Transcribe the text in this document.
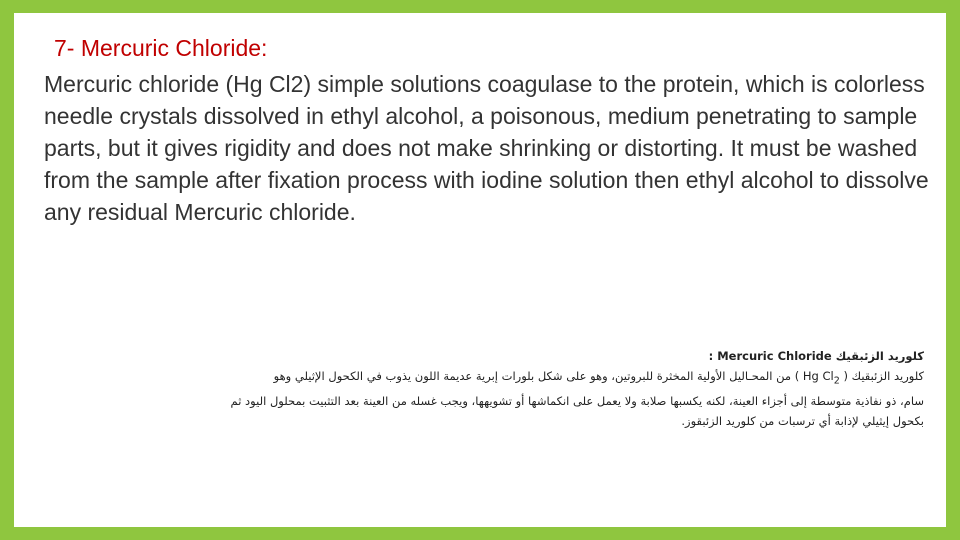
7- Mercuric Chloride:

Mercuric chloride (Hg Cl2) simple solutions coagulase to the protein, which is colorless needle crystals dissolved in ethyl alcohol, a poisonous, medium penetrating to sample parts, but it gives rigidity and does not make shrinking or distorting. It must be washed from the sample after fixation process with iodine solution then ethyl alcohol to dissolve any residual Mercuric chloride.

كلوريد الزئبقيك : Mercuric Chloride

كلوريد الزئبقيك ( Hg $Cl_2$ ) من المحـاليل الأولية المخثرة للبروتين، وهو على شكل بلورات إبرية عديمة اللون يذوب في الكحول الإثيلي وهو

سام، ذو نفاذية متوسطة إلى أجزاء العينة، لكنه يكسبها صلابة ولا يعمل على انكماشها أو تشويهها، ويجب غسله من العينة بعد التثبيت بمحلول اليود ثم

بكحول إيثيلي لإذابة أي ترسبات من كلوريد الزئبقوز.
